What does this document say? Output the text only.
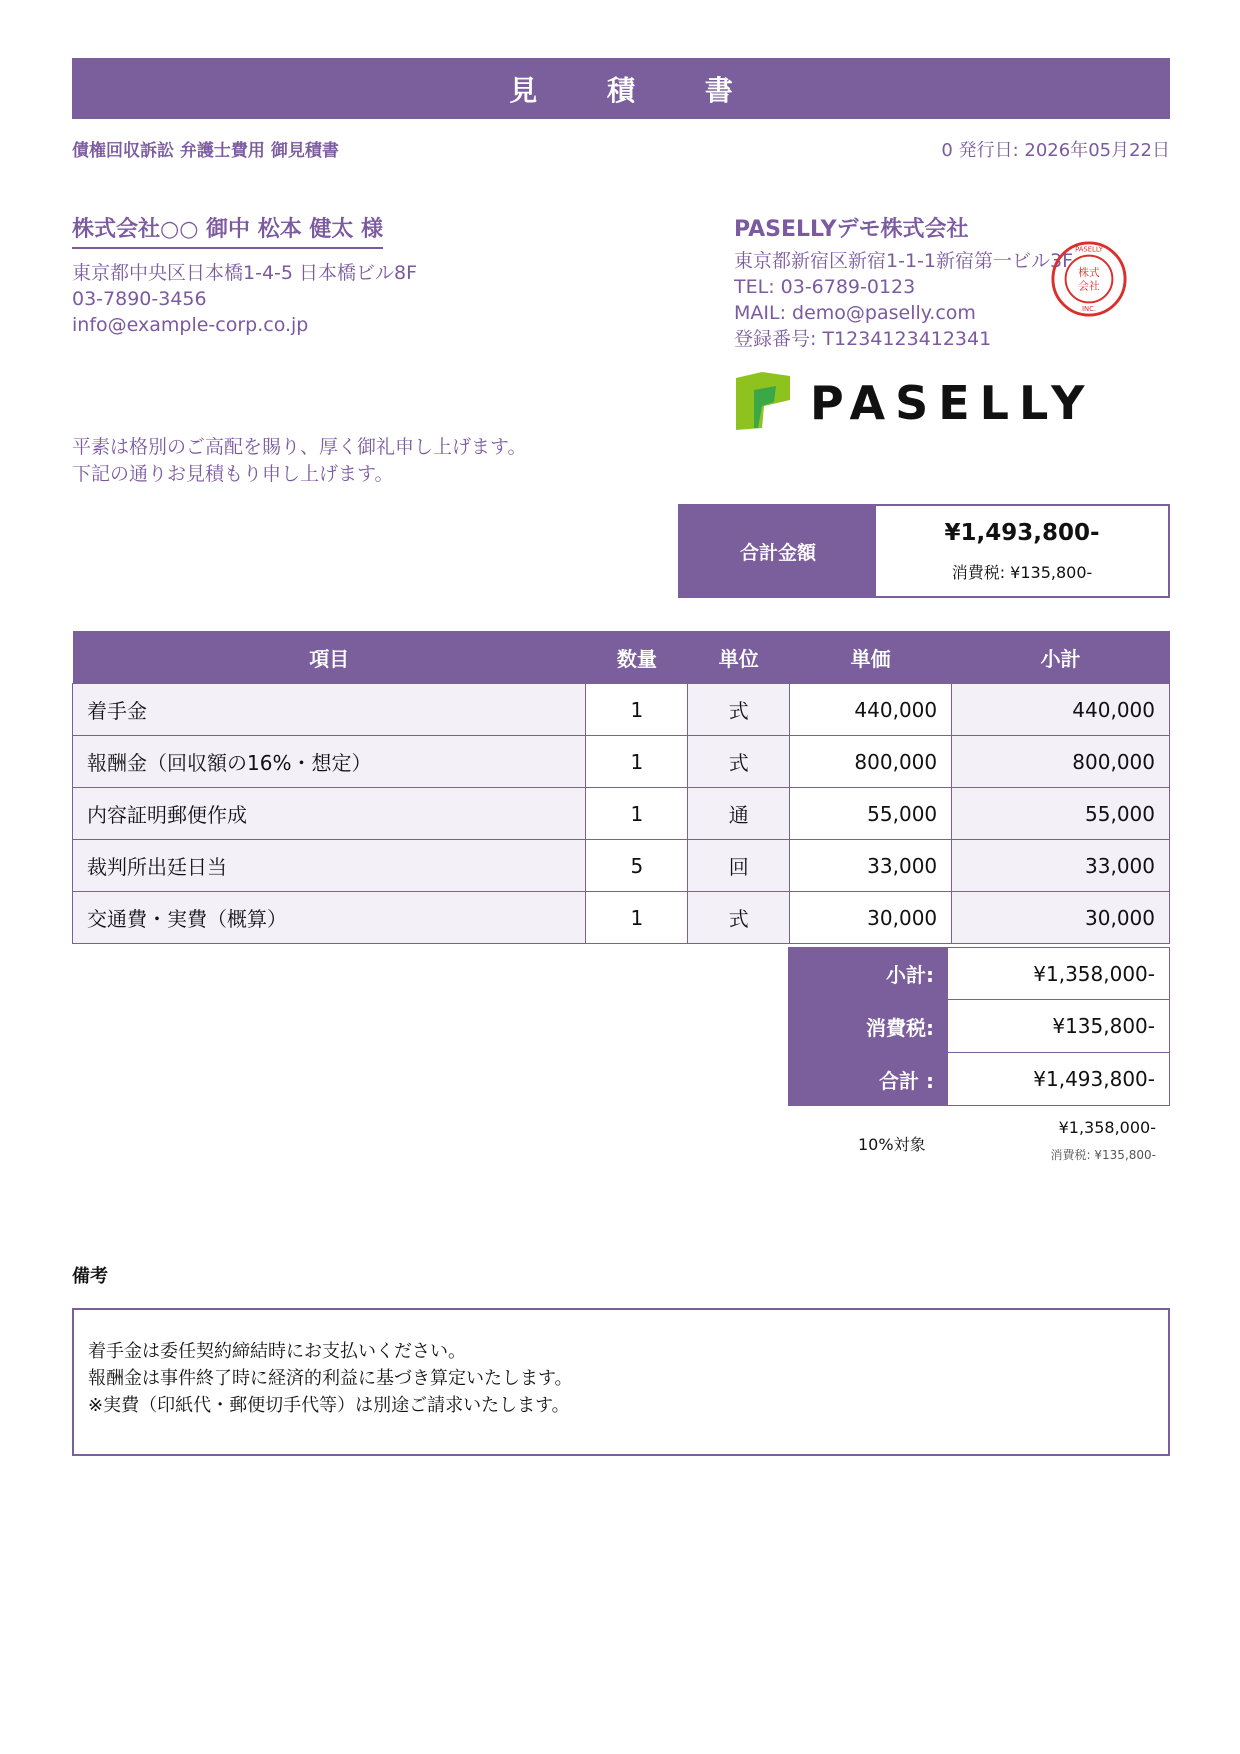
見 積 書
債権回収訴訟 弁護士費用 御見積書	0 発行日: 2026年05月22日
株式会社○○ 御中 松本 健太 様
東京都中央区日本橋1-4-5 日本橋ビル8F
03-7890-3456
info@example-corp.co.jp
PASELLYデモ株式会社
東京都新宿区新宿1-1-1新宿第一ビル3F
TEL: 03-6789-0123
MAIL: demo@paselly.com
登録番号: T1234123412341
株式
会社
INC.
PASELLY
PASELLY
平素は格別のご高配を賜り、厚く御礼申し上げます。
下記の通りお見積もり申し上げます。
合計金額
¥1,493,800-
消費税: ¥135,800-
項目	数量	単位	単価	小計
着手金	1	式	440,000	440,000
報酬金（回収額の16%・想定）	1	式	800,000	800,000
内容証明郵便作成	1	通	55,000	55,000
裁判所出廷日当	5	回	33,000	33,000
交通費・実費（概算）	1	式	30,000	30,000
小計:	¥1,358,000-
消費税:	¥135,800-
合計 :	¥1,493,800-
10%対象
¥1,358,000-
消費税: ¥135,800-
備考
着手金は委任契約締結時にお支払いください。
報酬金は事件終了時に経済的利益に基づき算定いたします。
※実費（印紙代・郵便切手代等）は別途ご請求いたします。
